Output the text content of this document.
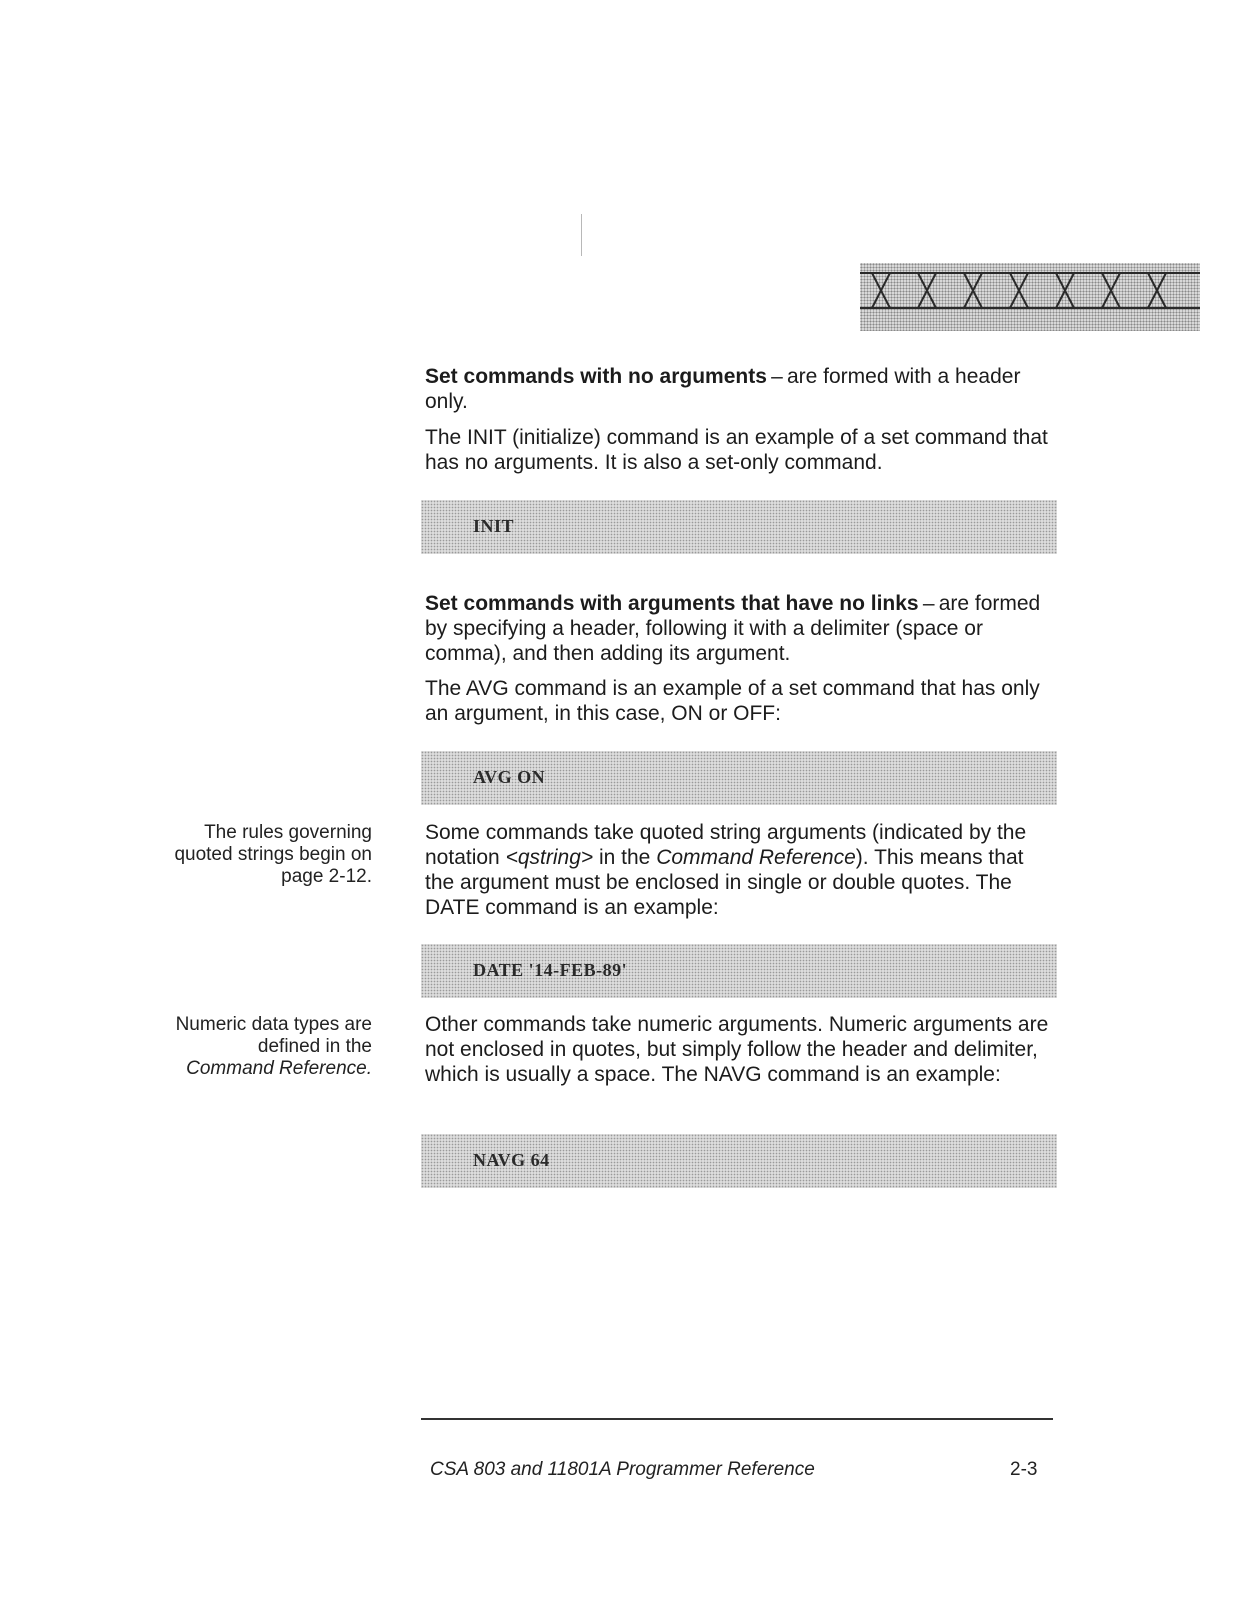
Set commands with no arguments – are formed with a header only.

The INIT (initialize) command is an example of a set command that has no arguments. It is also a set-only command.

INIT

Set commands with arguments that have no links – are formed by specifying a header, following it with a delimiter (space or comma), and then adding its argument.

The AVG command is an example of a set command that has only an argument, in this case, ON or OFF:

AVG ON
The rules governing quoted strings begin on page 2-12.

Some commands take quoted string arguments (indicated by the notation <qstring> in the Command Reference). This means that the argument must be enclosed in single or double quotes. The DATE command is an example:

DATE '14-FEB-89'
Numeric data types are defined in the
Command Reference.

Other commands take numeric arguments. Numeric arguments are not enclosed in quotes, but simply follow the header and delimiter, which is usually a space. The NAVG command is an example:

NAVG 64
CSA 803 and 11801A Programmer Reference	2-3
